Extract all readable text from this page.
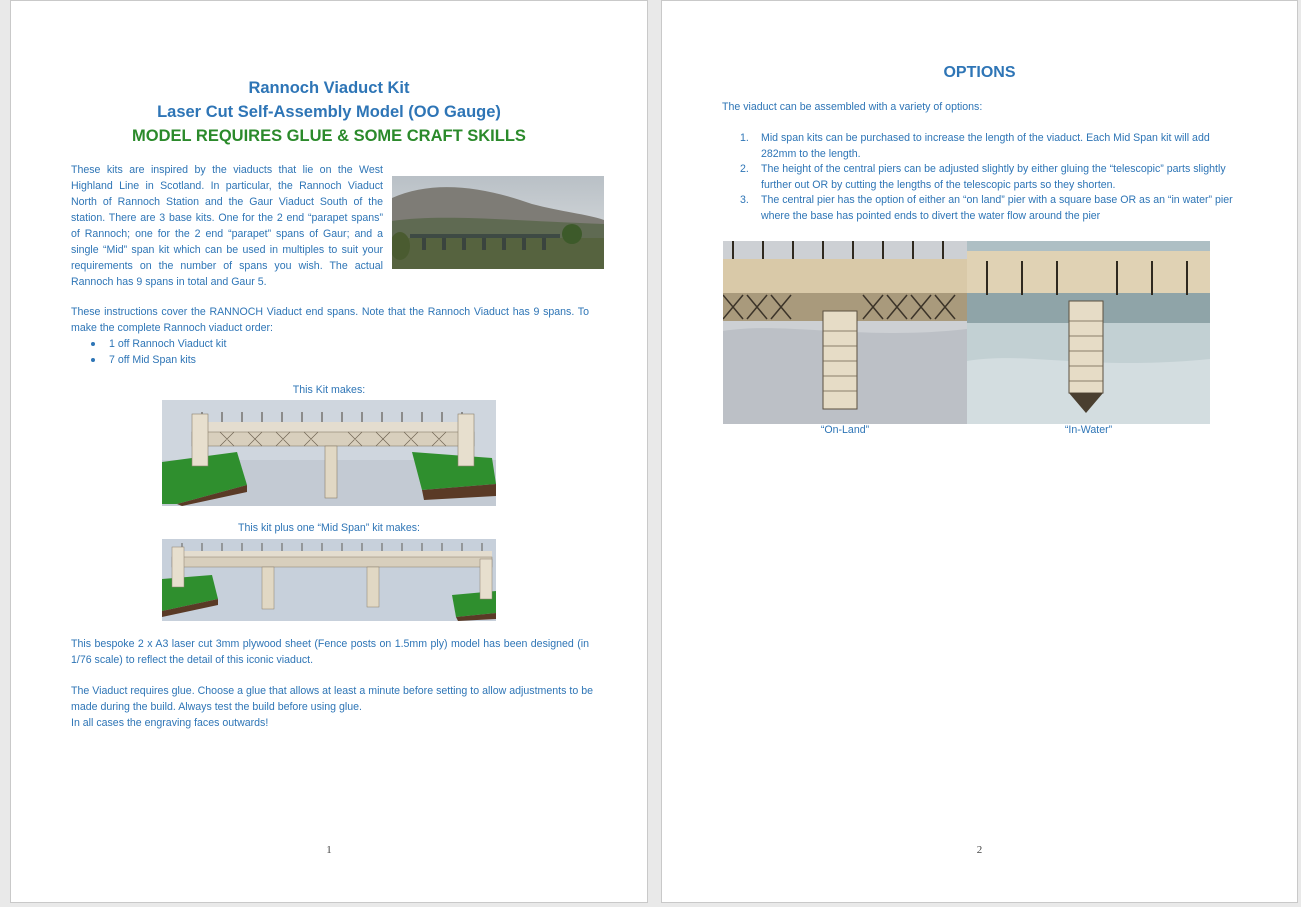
Rannoch Viaduct Kit
Laser Cut Self-Assembly Model (OO Gauge)
MODEL REQUIRES GLUE & SOME CRAFT SKILLS

These kits are inspired by the viaducts that lie on the West Highland Line in Scotland. In particular, the Rannoch Viaduct North of Rannoch Station and the Gaur Viaduct South of the station. There are 3 base kits. One for the 2 end “parapet spans” of Rannoch; one for the 2 end “parapet” spans of Gaur; and a single “Mid” span kit which can be used in multiples to suit your requirements on the number of spans you wish. The actual Rannoch has 9 spans in total and Gaur 5.

These instructions cover the RANNOCH Viaduct end spans. Note that the Rannoch Viaduct has 9 spans. To make the complete Rannoch viaduct order:

1 off Rannoch Viaduct kit
7 off Mid Span kits
This Kit makes:
This kit plus one “Mid Span” kit makes:

This bespoke 2 x A3 laser cut 3mm plywood sheet (Fence posts on 1.5mm ply) model has been designed (in 1/76 scale) to reflect the detail of this iconic viaduct.

The Viaduct requires glue. Choose a glue that allows at least a minute before setting to allow adjustments to be made during the build. Always test the build before using glue.

In all cases the engraving faces outwards!

1
OPTIONS

The viaduct can be assembled with a variety of options:

1. Mid span kits can be purchased to increase the length of the viaduct. Each Mid Span kit will add 282mm to the length.
2. The height of the central piers can be adjusted slightly by either gluing the “telescopic” parts slightly further out OR by cutting the lengths of the telescopic parts so they shorten.
3. The central pier has the option of either an “on land” pier with a square base OR as an “in water” pier where the base has pointed ends to divert the water flow around the pier
“On-Land”	“In-Water”
2
